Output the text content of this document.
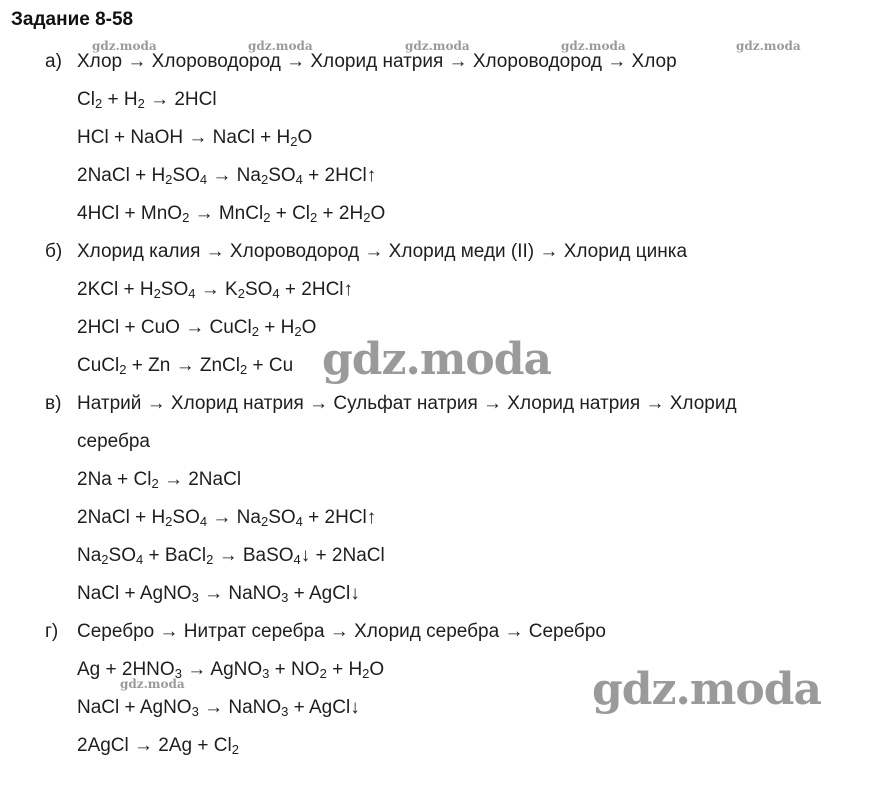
Задание 8-58
а) Хлор → Хлороводород → Хлорид натрия → Хлороводород → Хлор
$Cl_2 + H_2 \to 2HCl$
HCl + NaOH → NaCl + $H_2O$
2NaCl + $H_2SO_4 \to Na_2SO_4$ + 2HCl↑
4HCl + MnO$_2$ → MnCl$_2$ + $Cl_2 + 2H_2O$
б) Хлорид калия → Хлороводород → Хлорид меди (II) → Хлорид цинка
$2KCl + H_2SO_4 \to K_2SO_4$ + 2HCl↑
2HCl + CuO → CuCl$_2$ + $H_2O$
CuCl$_2$ + Zn → ZnCl$_2$ + Cu
в) Натрий → Хлорид натрия → Сульфат натрия → Хлорид натрия → Хлорид
серебра
$2Na + Cl_2$ → 2NaCl
2NaCl + $H_2SO_4 \to Na_2SO_4$ + 2HCl↑
$Na_2SO_4$ + BaCl$_2$ → BaSO$_4$↓ + 2NaCl
NaCl + AgNO$_3$ → NaNO$_3$ + AgCl↓
г) Серебро → Нитрат серебра → Хлорид серебра → Серебро
$Ag + 2HNO_3$ → AgNO$_3$ + $NO_2 + H_2O$
NaCl + AgNO$_3$ → NaNO$_3$ + AgCl↓
2AgCl → $2Ag + Cl_2$
gdz.moda	gdz.moda	gdz.moda	gdz.moda	gdz.moda
gdz.moda
gdz.moda
gdz.moda
